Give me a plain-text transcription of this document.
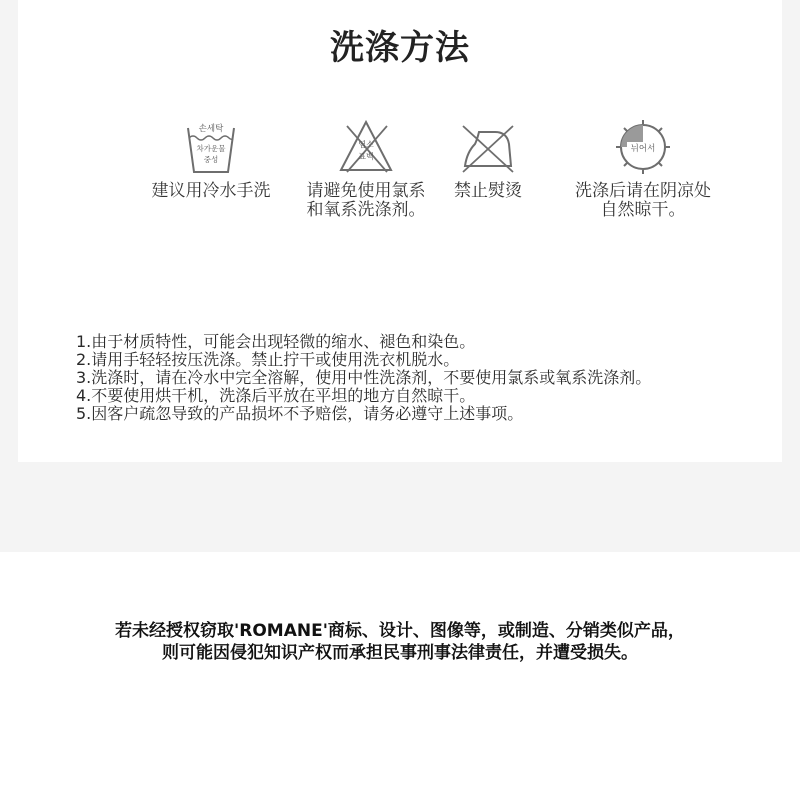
洗涤方法
손세탁
차가운물
중성
建议用冷水手洗
염소
표백
请避免使用氯系
和氧系洗涤剂。
禁止熨烫
뉘어서
洗涤后请在阴凉处
自然晾干。
1.由于材质特性，可能会出现轻微的缩水、褪色和染色。
2.请用手轻轻按压洗涤。禁止拧干或使用洗衣机脱水。
3.洗涤时，请在冷水中完全溶解，使用中性洗涤剂，不要使用氯系或氧系洗涤剂。
4.不要使用烘干机，洗涤后平放在平坦的地方自然晾干。
5.因客户疏忽导致的产品损坏不予赔偿，请务必遵守上述事项。
若未经授权窃取'ROMANE'商标、设计、图像等，或制造、分销类似产品，
则可能因侵犯知识产权而承担民事刑事法律责任，并遭受损失。
